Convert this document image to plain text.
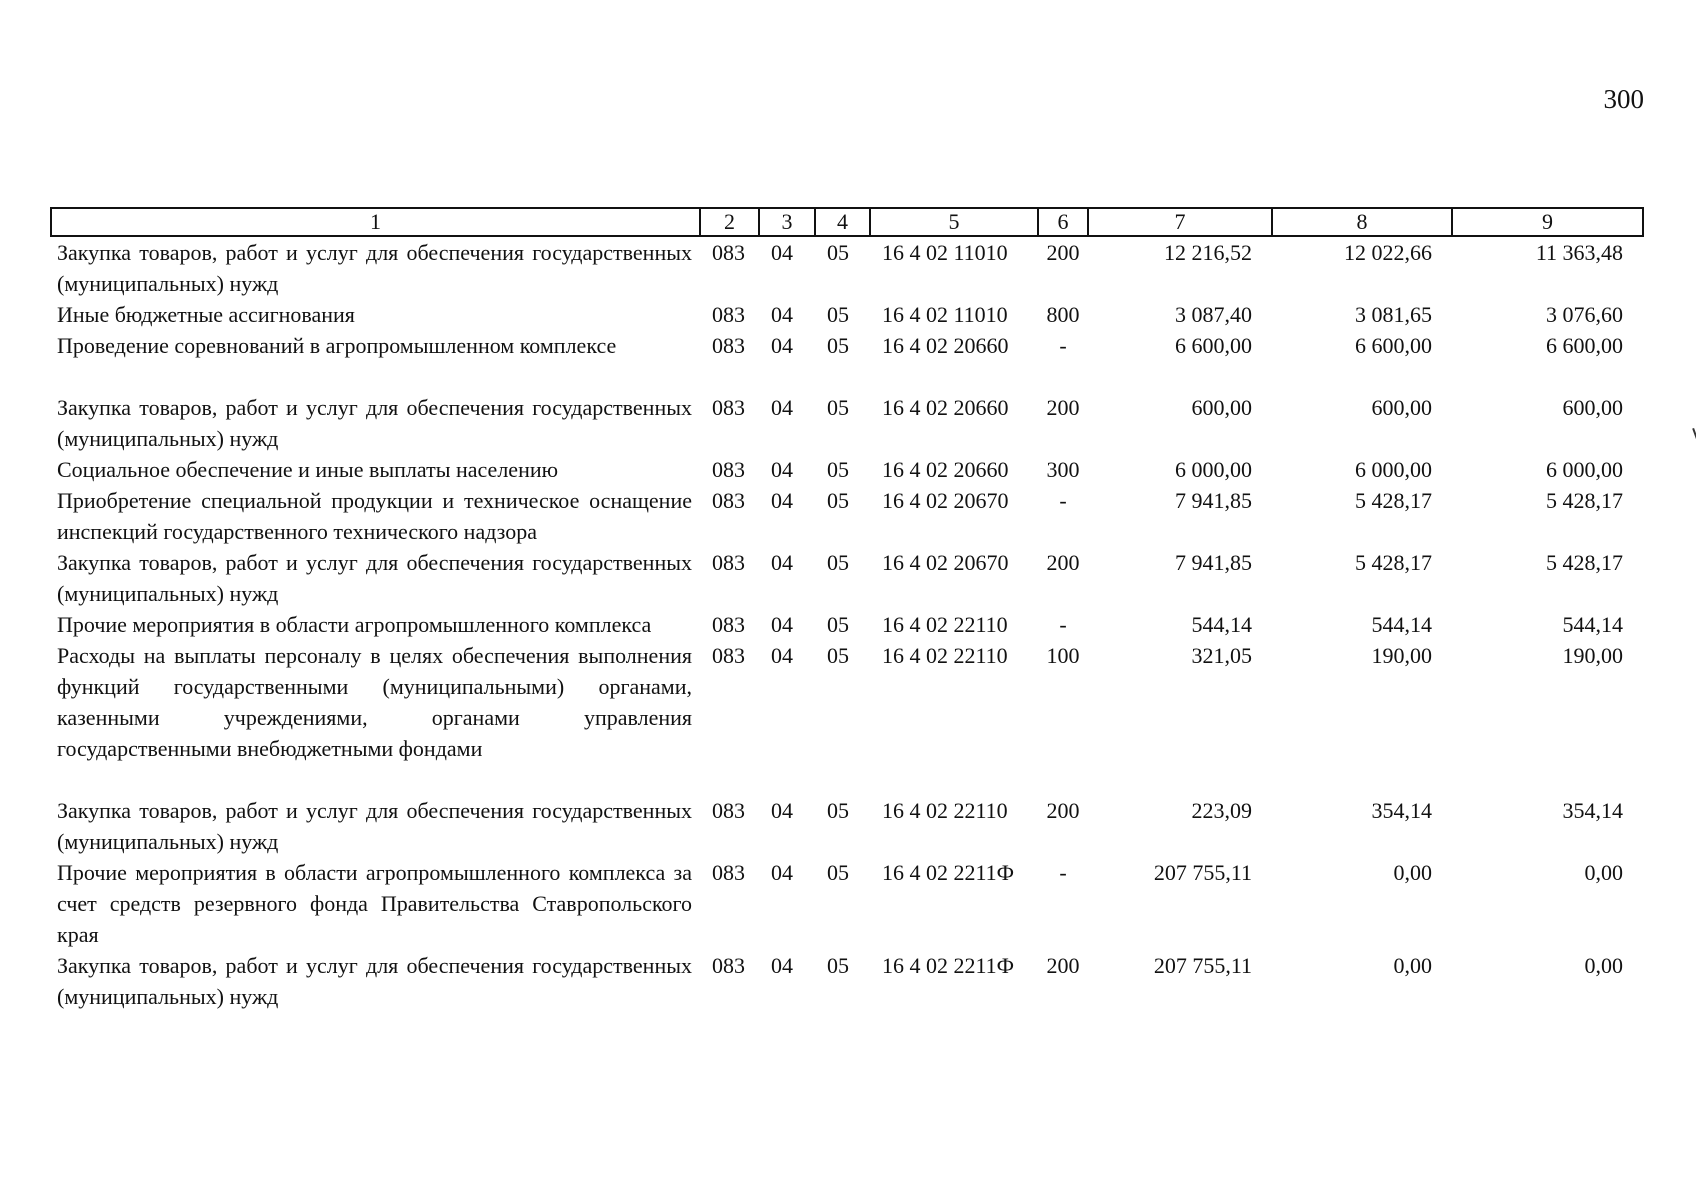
300
1	2	3	4	5	6	7	8	9
Закупка товаров, работ и услуг для обеспечения государственных (муниципальных) нужд	083	04	05	16 4 02 11010	200	12 216,52	12 022,66	11 363,48
Иные бюджетные ассигнования	083	04	05	16 4 02 11010	800	3 087,40	3 081,65	3 076,60
Проведение соревнований в агропромышленном комплексе	083	04	05	16 4 02 20660	-	6 600,00	6 600,00	6 600,00
Закупка товаров, работ и услуг для обеспечения государственных (муниципальных) нужд	083	04	05	16 4 02 20660	200	600,00	600,00	600,00
Социальное обеспечение и иные выплаты населению	083	04	05	16 4 02 20660	300	6 000,00	6 000,00	6 000,00
Приобретение специальной продукции и техническое оснащение инспекций государственного технического надзора	083	04	05	16 4 02 20670	-	7 941,85	5 428,17	5 428,17
Закупка товаров, работ и услуг для обеспечения государственных (муниципальных) нужд	083	04	05	16 4 02 20670	200	7 941,85	5 428,17	5 428,17
Прочие мероприятия в области агропромышленного комплекса	083	04	05	16 4 02 22110	-	544,14	544,14	544,14
Расходы на выплаты персоналу в целях обеспечения выполнения функций государственными (муниципальными) органами, казенными учреждениями, органами управления государственными внебюджетными фондами	083	04	05	16 4 02 22110	100	321,05	190,00	190,00
Закупка товаров, работ и услуг для обеспечения государственных (муниципальных) нужд	083	04	05	16 4 02 22110	200	223,09	354,14	354,14
Прочие мероприятия в области агропромышленного комплекса за счет средств резервного фонда Правительства Ставропольского края	083	04	05	16 4 02 2211Ф	-	207 755,11	0,00	0,00
Закупка товаров, работ и услуг для обеспечения государственных (муниципальных) нужд	083	04	05	16 4 02 2211Ф	200	207 755,11	0,00	0,00
